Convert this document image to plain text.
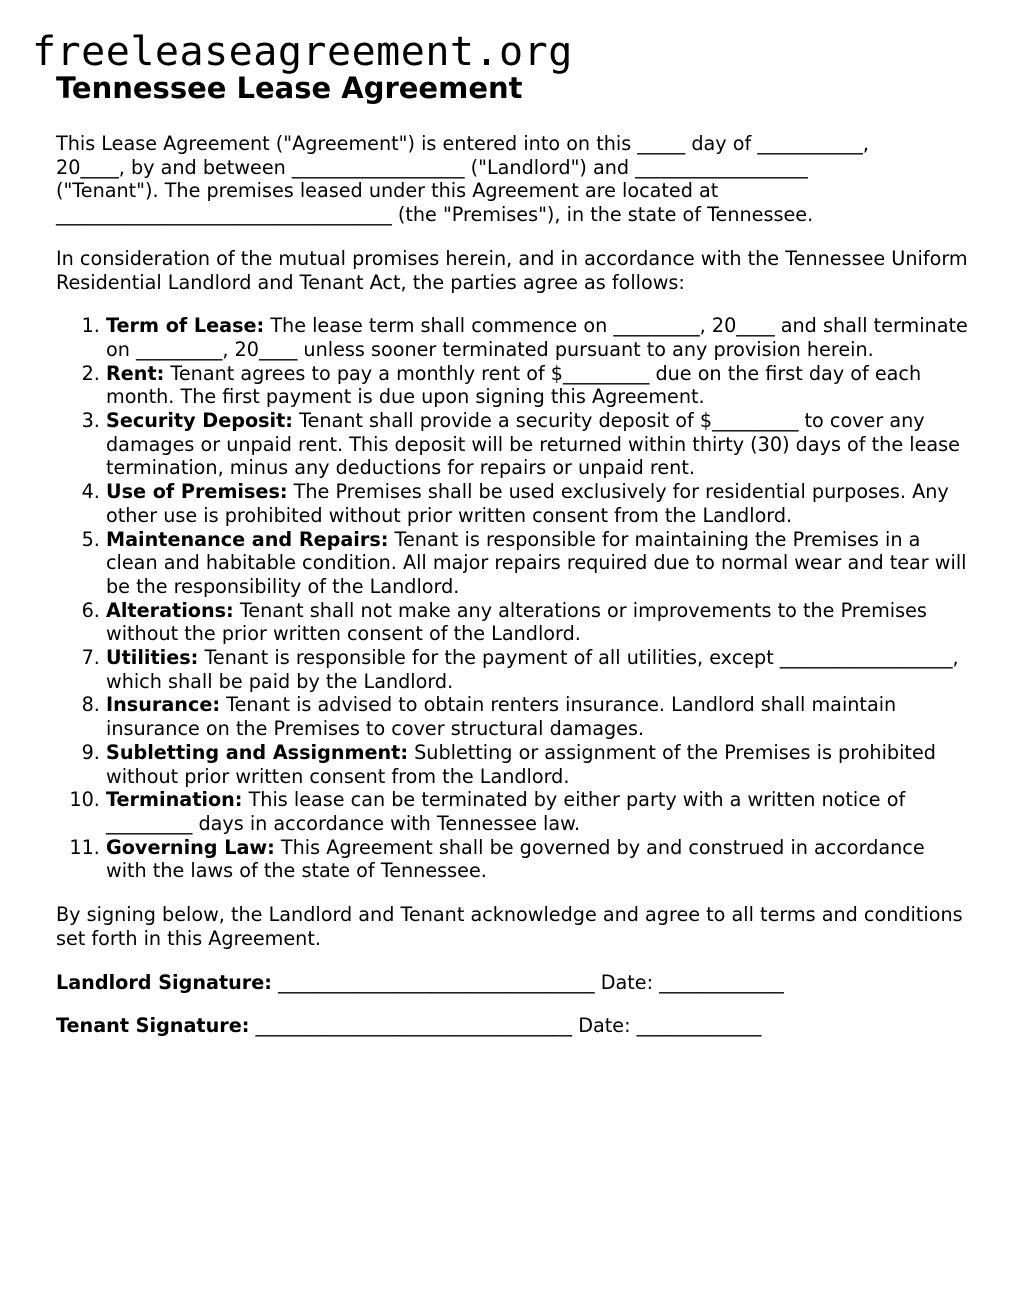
freeleaseagreement.org
Tennessee Lease Agreement

This Lease Agreement ("Agreement") is entered into on this _____ day of ___________,
20____, by and between __________________ ("Landlord") and __________________
("Tenant"). The premises leased under this Agreement are located at
___________________________________ (the "Premises"), in the state of Tennessee.

In consideration of the mutual promises herein, and in accordance with the Tennessee Uniform Residential Landlord and Tenant Act, the parties agree as follows:

1. Term of Lease: The lease term shall commence on _________, 20____ and shall terminate on _________, 20____ unless sooner terminated pursuant to any provision herein.
2. Rent: Tenant agrees to pay a monthly rent of $_________ due on the first day of each month. The first payment is due upon signing this Agreement.
3. Security Deposit: Tenant shall provide a security deposit of $_________ to cover any damages or unpaid rent. This deposit will be returned within thirty (30) days of the lease termination, minus any deductions for repairs or unpaid rent.
4. Use of Premises: The Premises shall be used exclusively for residential purposes. Any other use is prohibited without prior written consent from the Landlord.
5. Maintenance and Repairs: Tenant is responsible for maintaining the Premises in a clean and habitable condition. All major repairs required due to normal wear and tear will be the responsibility of the Landlord.
6. Alterations: Tenant shall not make any alterations or improvements to the Premises without the prior written consent of the Landlord.
7. Utilities: Tenant is responsible for the payment of all utilities, except __________________, which shall be paid by the Landlord.
8. Insurance: Tenant is advised to obtain renters insurance. Landlord shall maintain insurance on the Premises to cover structural damages.
9. Subletting and Assignment: Subletting or assignment of the Premises is prohibited without prior written consent from the Landlord.
10. Termination: This lease can be terminated by either party with a written notice of _________ days in accordance with Tennessee law.
11. Governing Law: This Agreement shall be governed by and construed in accordance with the laws of the state of Tennessee.

By signing below, the Landlord and Tenant acknowledge and agree to all terms and conditions set forth in this Agreement.

Landlord Signature: _________________________________ Date: _____________

Tenant Signature: _________________________________ Date: _____________
